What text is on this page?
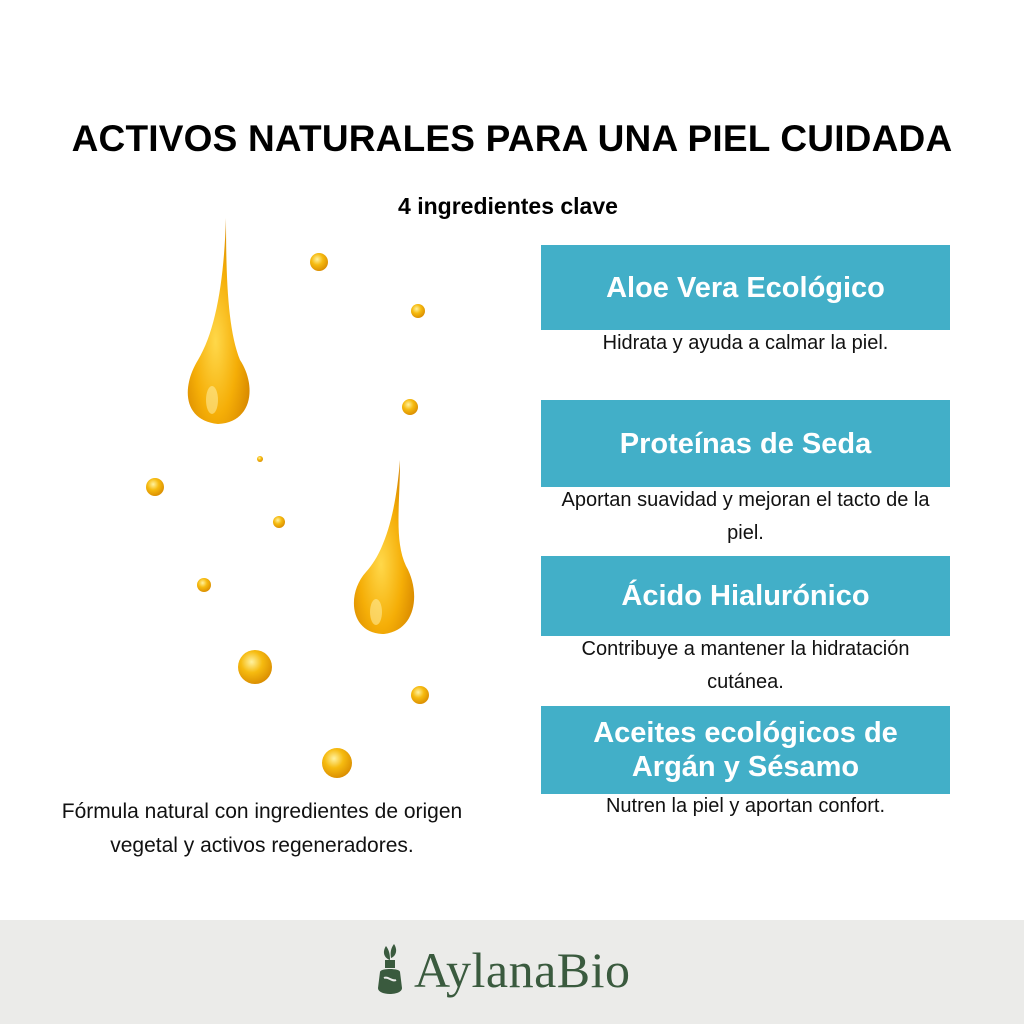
ACTIVOS NATURALES PARA UNA PIEL CUIDADA
4 ingredientes clave
Fórmula natural con ingredientes de origen vegetal y activos regeneradores.
Aloe Vera Ecológico
Hidrata y ayuda a calmar la piel.
Proteínas de Seda
Aportan suavidad y mejoran el tacto de la piel.
Ácido Hialurónico
Contribuye a mantener la hidratación cutánea.
Aceites ecológicos de Argán y Sésamo
Nutren la piel y aportan confort.
AylanaBio
